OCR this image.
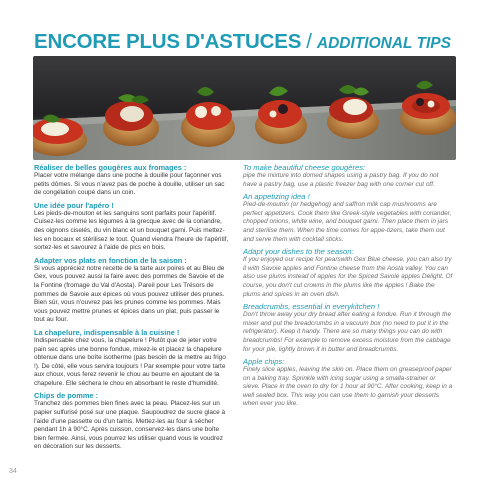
ENCORE PLUS D'ASTUCES / ADDITIONAL TIPS
Réaliser de belles gougères aux fromages :

Placer votre mélange dans une poche à douille pour façonner vos petits dômes. Si vous n'avez pas de poche à douille, utiliser un sac de congélation coupé dans un coin.

Une idée pour l'apéro !

Les pieds-de-mouton et les sanguins sont parfaits pour l'apéritif. Cuisez-les comme les légumes à la grecque avec de la coriandre, des oignons ciselés, du vin blanc et un bouquet garni. Puis mettez-les en bocaux et stérilisez le tout. Quand viendra l'heure de l'apéritif, sortez-les et savourez à l'aide de pics en bois.

Adapter vos plats en fonction de la saison :

Si vous appréciez notre recette de la tarte aux poires et au Bleu de Gex, vous pouvez aussi la faire avec des pommes de Savoie et de la Fontine (fromage du Val d'Aosta). Pareil pour Les Trésors de pommes de Savoie aux épices où vous pouvez utiliser des prunes. Bien sûr, vous n'ouvrez pas les prunes comme les pommes. Mais vous pouvez mettre prunes et épices dans un plat, puis passer le tout au four.

La chapelure, indispensable à la cuisine !

Indispensable chez vous, la chapelure ! Plutôt que de jeter votre pain sec après une bonne fondue, mixez-le et placez la chapelure obtenue dans une boîte isotherme (pas besoin de la mettre au frigo !). De côté, elle vous servira toujours ! Par exemple pour votre tarte aux choux, vous ferez revenir le chou au beurre en ajoutant de la chapelure. Elle séchera le chou en absorbant le reste d'humidité.

Chips de pomme :

Tranchez des pommes bien fines avec la peau. Placez-les sur un papier sulfurisé posé sur une plaque. Saupoudrez de sucre glace à l'aide d'une passette ou d'un tamis. Mettez-les au four à sécher pendant 1h à 90°C. Après cuisson, conservez-les dans une boîte bien fermée. Ainsi, vous pourrez les utiliser quand vous le voudrez en décoration sur les desserts.

To make beautiful cheese gougères:

pipe the mixture into domed shapes using a pastry bag. If you do not have a pastry bag, use a plastic freezer bag with one corner cut off.

An appetizing idea !

Pied-de-mouton (or hedgehog) and saffron milk cap mushrooms are perfect appetizers. Cook them like Greek-style vegetables with coriander, chopped onions, white wine, and bouquet garni. Then place them in jars and sterilise them. When the time comes for appe-tizers, take them out and serve them with cocktail sticks.

Adapt your dishes to the season:

If you enjoyed our recipe for pearswith Gex Blue cheese, you can also try it with Savoie apples and Fontine cheese from the Aosta valley. You can also use plums instead of apples for the Spiced Savoie apples Delight. Of course, you don't cut crowns in the plums like the apples ! Bake the plums and spices in an oven dish.

Breadcrumbs, essential in everykitchen !

Don't throw away your dry bread after eating a fondue. Run it through the mixer and put the breadcrumbs in a vacuum box (no need to put it in the refrigerator). Keep it handy. There are so many things you can do with breadcrumbs! For example to remove excess moisture from the cabbage for your pie, lightly brown it in butter and breadcrumbs.

Apple chips:

Finely slice apples, leaving the skin on. Place them on greaseproof paper on a baking tray. Sprinkle with icing sugar using a smalla-strainer or sieve. Place in the oven to dry for 1 hour at 90°C. After cooking, keep in a well sealed box. This way you can use them to garnish your desserts when ever you like.

34
